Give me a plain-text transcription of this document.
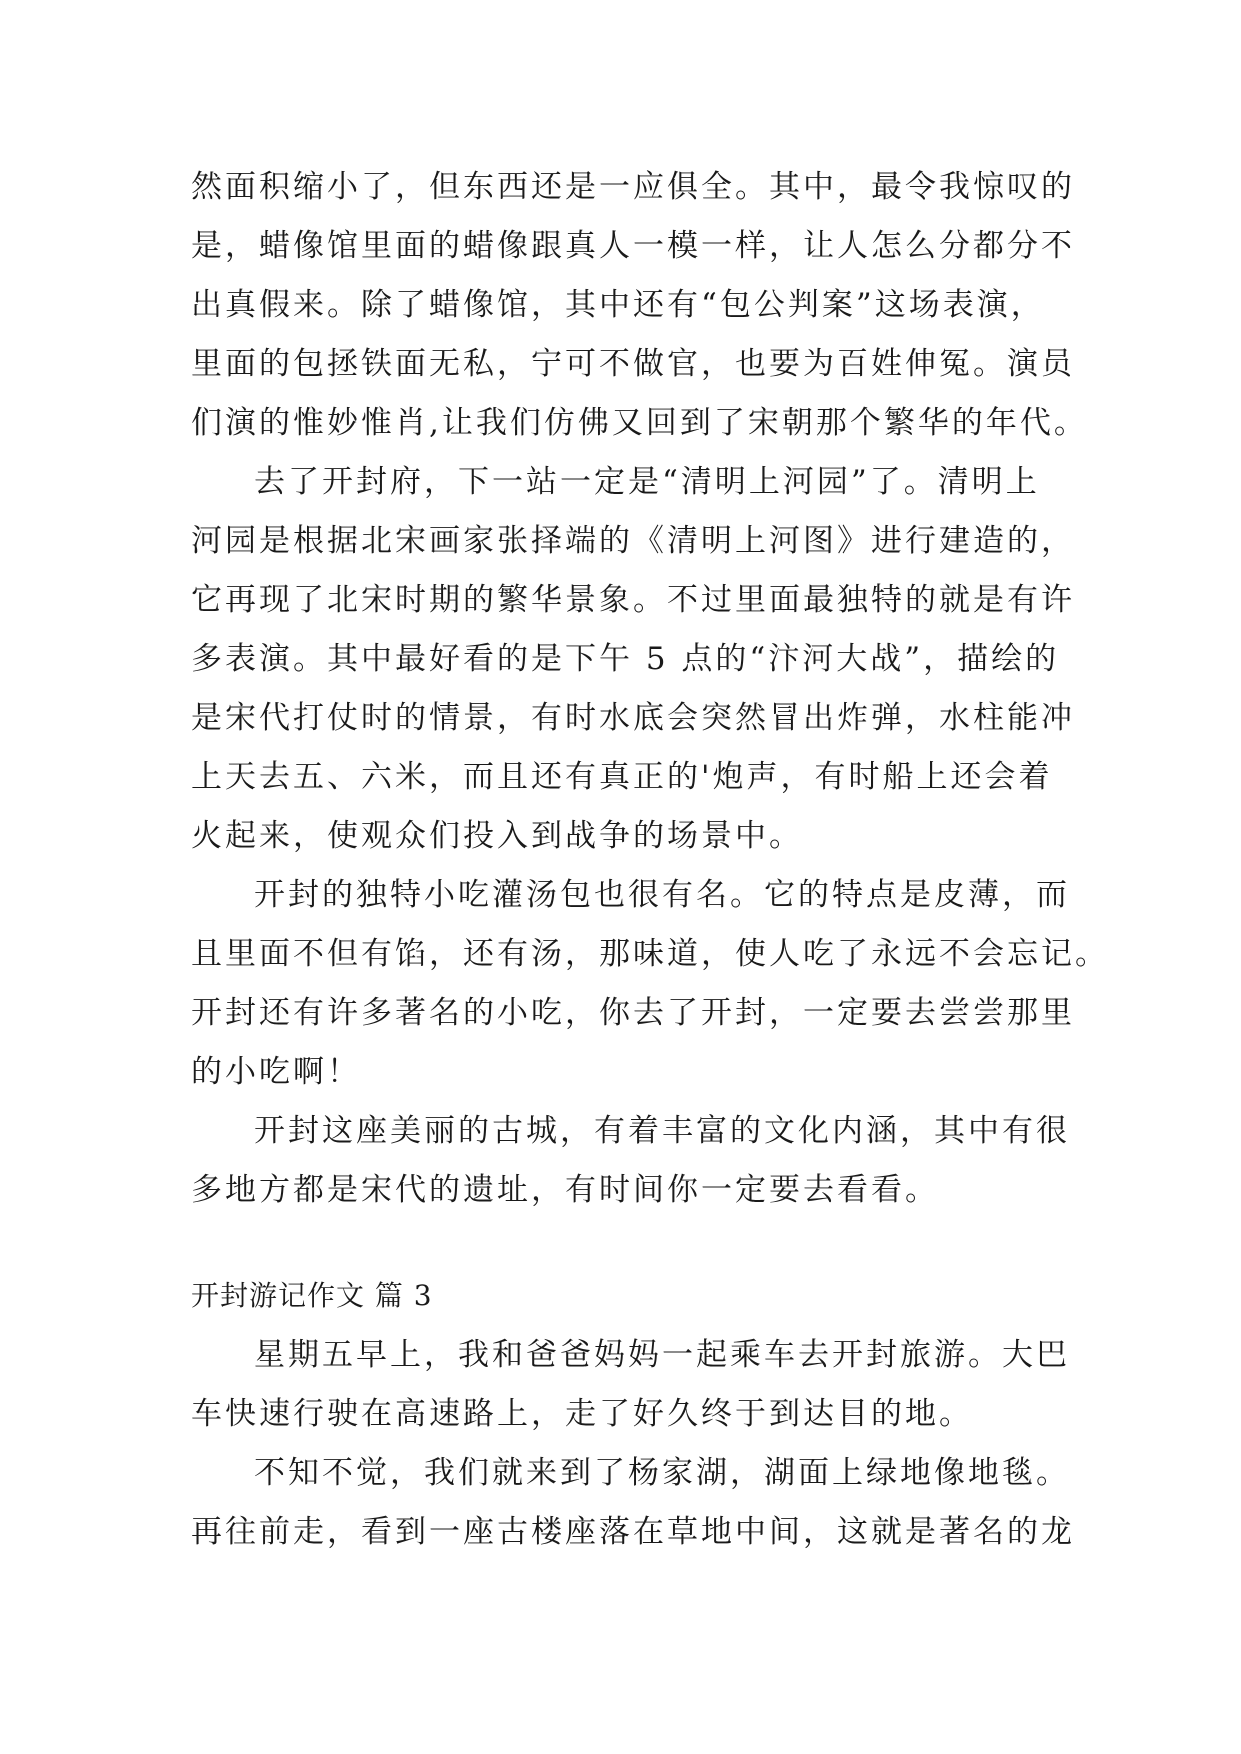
然面积缩小了，但东西还是一应俱全。其中，最令我惊叹的
是，蜡像馆里面的蜡像跟真人一模一样，让人怎么分都分不
出真假来。除了蜡像馆，其中还有“包公判案”这场表演，
里面的包拯铁面无私，宁可不做官，也要为百姓伸冤。演员
们演的惟妙惟肖,让我们仿佛又回到了宋朝那个繁华的年代。
去了开封府，下一站一定是“清明上河园”了。清明上
河园是根据北宋画家张择端的《清明上河图》进行建造的，
它再现了北宋时期的繁华景象。不过里面最独特的就是有许
多表演。其中最好看的是下午 5 点的“汴河大战”，描绘的
是宋代打仗时的情景，有时水底会突然冒出炸弹，水柱能冲
上天去五、六米，而且还有真正的'炮声，有时船上还会着
火起来，使观众们投入到战争的场景中。
开封的独特小吃灌汤包也很有名。它的特点是皮薄，而
且里面不但有馅，还有汤，那味道，使人吃了永远不会忘记。
开封还有许多著名的小吃，你去了开封，一定要去尝尝那里
的小吃啊！
开封这座美丽的古城，有着丰富的文化内涵，其中有很
多地方都是宋代的遗址，有时间你一定要去看看。
开封游记作文 篇 3
星期五早上，我和爸爸妈妈一起乘车去开封旅游。大巴
车快速行驶在高速路上，走了好久终于到达目的地。
不知不觉，我们就来到了杨家湖，湖面上绿地像地毯。
再往前走，看到一座古楼座落在草地中间，这就是著名的龙
